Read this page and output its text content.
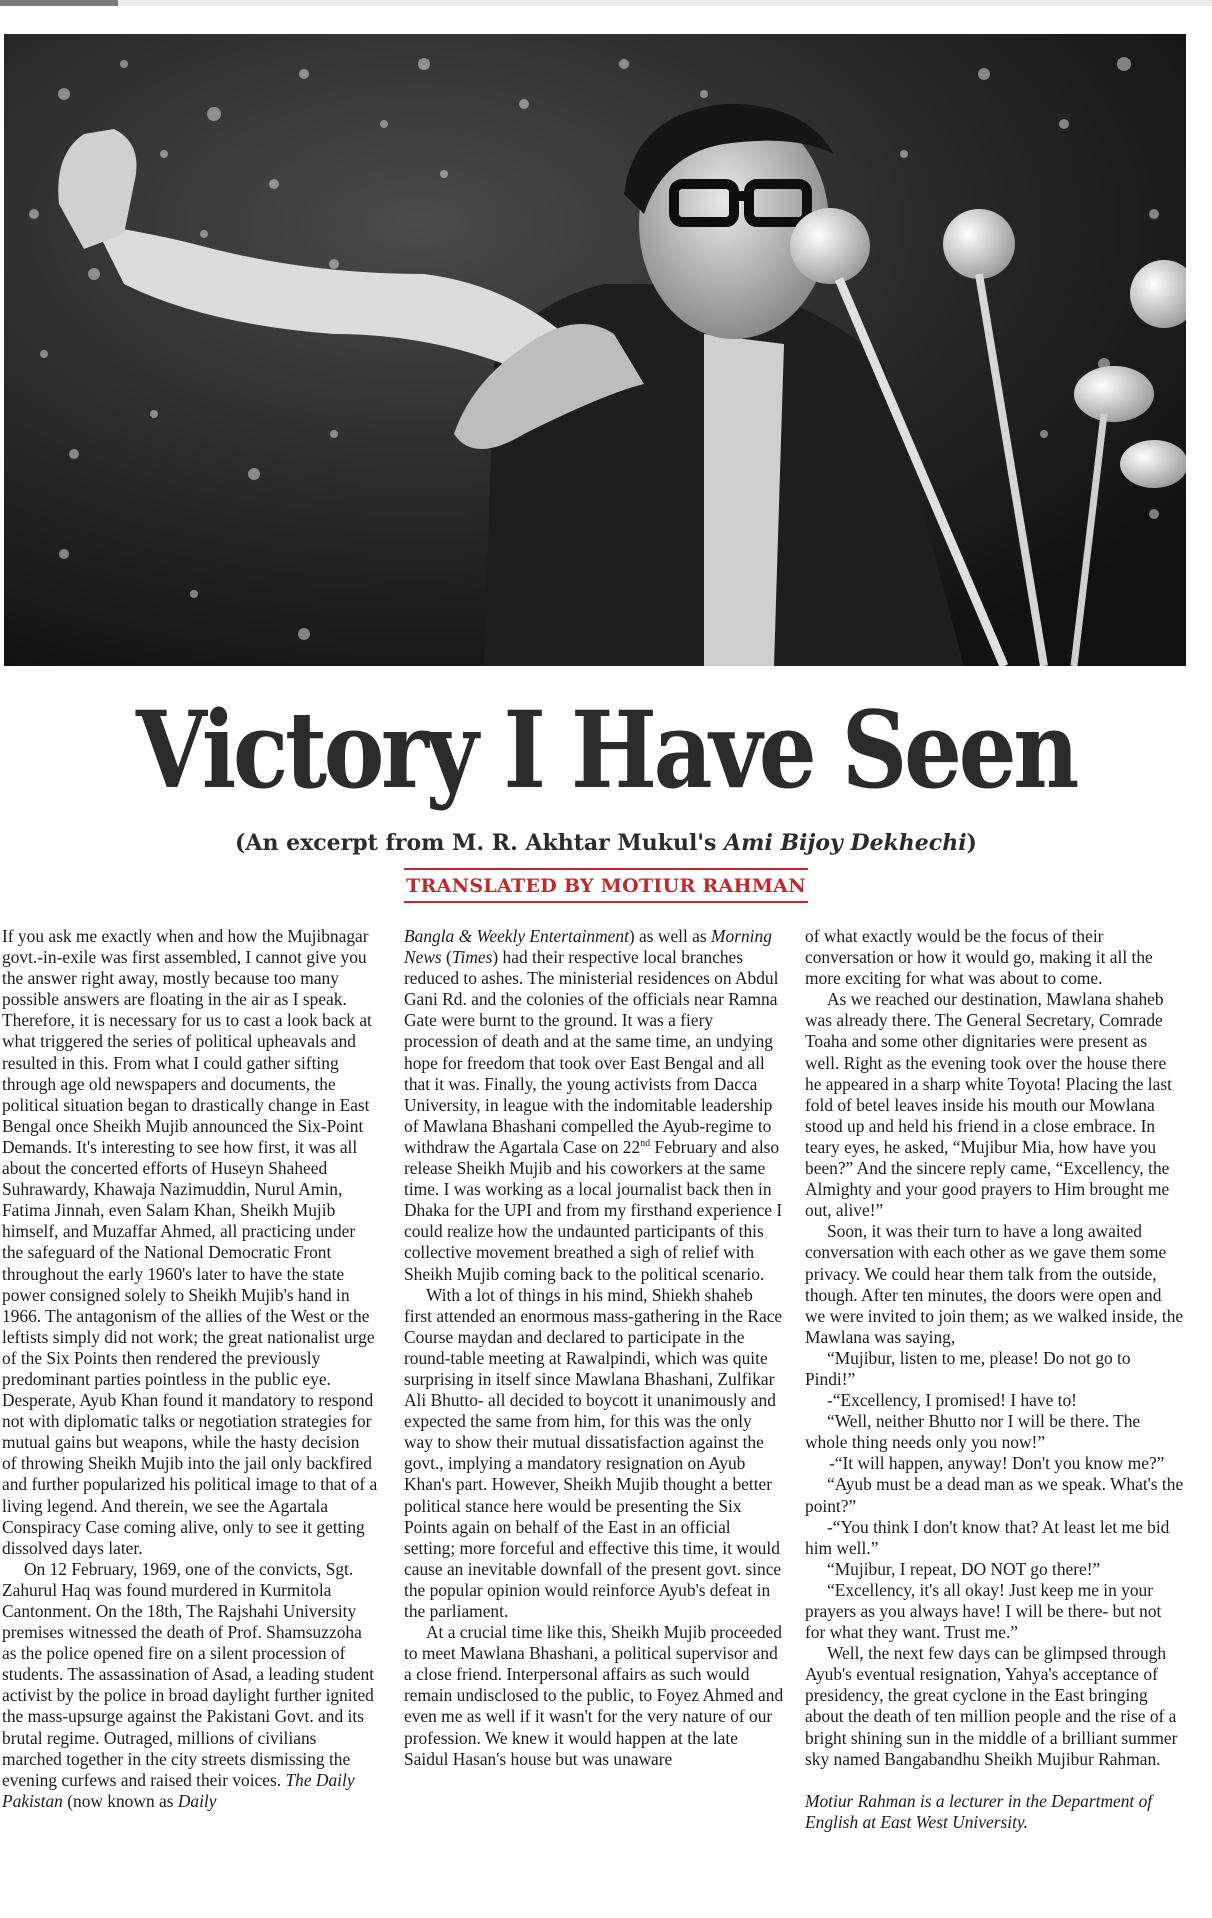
Victory I Have Seen
(An excerpt from M. R. Akhtar Mukul's Ami Bijoy Dekhechi)
TRANSLATED BY MOTIUR RAHMAN

If you ask me exactly when and how the Mujibnagar govt.-in-exile was first assembled, I cannot give you the answer right away, mostly because too many possible answers are floating in the air as I speak. Therefore, it is necessary for us to cast a look back at what triggered the series of political upheavals and resulted in this. From what I could gather sifting through age old newspapers and documents, the political situation began to drastically change in East Bengal once Sheikh Mujib announced the Six-Point Demands. It's interesting to see how first, it was all about the concerted efforts of Huseyn Shaheed Suhrawardy, Khawaja Nazimuddin, Nurul Amin, Fatima Jinnah, even Salam Khan, Sheikh Mujib himself, and Muzaffar Ahmed, all practicing under the safeguard of the National Democratic Front throughout the early 1960's later to have the state power consigned solely to Sheikh Mujib's hand in 1966. The antagonism of the allies of the West or the leftists simply did not work; the great nationalist urge of the Six Points then rendered the previously predominant parties pointless in the public eye. Desperate, Ayub Khan found it mandatory to respond not with diplomatic talks or negotiation strategies for mutual gains but weapons, while the hasty decision of throwing Sheikh Mujib into the jail only backfired and further popularized his political image to that of a living legend. And therein, we see the Agartala Conspiracy Case coming alive, only to see it getting dissolved days later.

On 12 February, 1969, one of the convicts, Sgt. Zahurul Haq was found murdered in Kurmitola Cantonment. On the 18th, The Rajshahi University premises witnessed the death of Prof. Shamsuzzoha as the police opened fire on a silent procession of students. The assassination of Asad, a leading student activist by the police in broad daylight further ignited the mass-upsurge against the Pakistani Govt. and its brutal regime. Outraged, millions of civilians marched together in the city streets dismissing the evening curfews and raised their voices. The Daily Pakistan (now known as Daily

Bangla & Weekly Entertainment) as well as Morning News (Times) had their respective local branches reduced to ashes. The ministerial residences on Abdul Gani Rd. and the colonies of the officials near Ramna Gate were burnt to the ground. It was a fiery procession of death and at the same time, an undying hope for freedom that took over East Bengal and all that it was. Finally, the young activists from Dacca University, in league with the indomitable leadership of Mawlana Bhashani compelled the Ayub-regime to withdraw the Agartala Case on 22nd February and also release Sheikh Mujib and his coworkers at the same time. I was working as a local journalist back then in Dhaka for the UPI and from my firsthand experience I could realize how the undaunted participants of this collective movement breathed a sigh of relief with Sheikh Mujib coming back to the political scenario.

With a lot of things in his mind, Shiekh shaheb first attended an enormous mass-gathering in the Race Course maydan and declared to participate in the round-table meeting at Rawalpindi, which was quite surprising in itself since Mawlana Bhashani, Zulfikar Ali Bhutto- all decided to boycott it unanimously and expected the same from him, for this was the only way to show their mutual dissatisfaction against the govt., implying a mandatory resignation on Ayub Khan's part. However, Sheikh Mujib thought a better political stance here would be presenting the Six Points again on behalf of the East in an official setting; more forceful and effective this time, it would cause an inevitable downfall of the present govt. since the popular opinion would reinforce Ayub's defeat in the parliament.

At a crucial time like this, Sheikh Mujib proceeded to meet Mawlana Bhashani, a political supervisor and a close friend. Interpersonal affairs as such would remain undisclosed to the public, to Foyez Ahmed and even me as well if it wasn't for the very nature of our profession. We knew it would happen at the late Saidul Hasan's house but was unaware

of what exactly would be the focus of their conversation or how it would go, making it all the more exciting for what was about to come.

As we reached our destination, Mawlana shaheb was already there. The General Secretary, Comrade Toaha and some other dignitaries were present as well. Right as the evening took over the house there he appeared in a sharp white Toyota! Placing the last fold of betel leaves inside his mouth our Mowlana stood up and held his friend in a close embrace. In teary eyes, he asked, “Mujibur Mia, how have you been?” And the sincere reply came, “Excellency, the Almighty and your good prayers to Him brought me out, alive!”

Soon, it was their turn to have a long awaited conversation with each other as we gave them some privacy. We could hear them talk from the outside, though. After ten minutes, the doors were open and we were invited to join them; as we walked inside, the Mawlana was saying,

“Mujibur, listen to me, please! Do not go to Pindi!”

-“Excellency, I promised! I have to!

“Well, neither Bhutto nor I will be there. The whole thing needs only you now!”

-“It will happen, anyway! Don't you know me?”

“Ayub must be a dead man as we speak. What's the point?”

-“You think I don't know that? At least let me bid him well.”

“Mujibur, I repeat, DO NOT go there!”

“Excellency, it's all okay! Just keep me in your prayers as you always have! I will be there- but not for what they want. Trust me.”

Well, the next few days can be glimpsed through Ayub's eventual resignation, Yahya's acceptance of presidency, the great cyclone in the East bringing about the death of ten million people and the rise of a bright shining sun in the middle of a brilliant summer sky named Bangabandhu Sheikh Mujibur Rahman.

Motiur Rahman is a lecturer in the Department of English at East West University.
